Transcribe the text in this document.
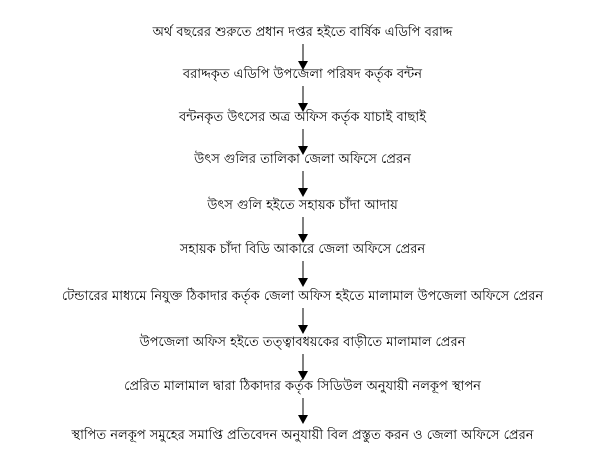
অর্থ বছরের শুরুতে প্রধান দপ্তর হইতে বার্ষিক এডিপি বরাদ্দ
বরাদ্দকৃত এডিপি উপজেলা পরিষদ কর্তৃক বন্টন
বন্টনকৃত উৎসের অত্র অফিস কর্তৃক যাচাই বাছাই
উৎস গুলির তালিকা জেলা অফিসে প্রেরন
উৎস গুলি হইতে সহায়ক চাঁদা আদায়
সহায়ক চাঁদা বিডি আকারে জেলা অফিসে প্রেরন
টেন্ডারের মাধ্যমে নিযুক্ত ঠিকাদার কর্তৃক জেলা অফিস হইতে মালামাল উপজেলা অফিসে প্রেরন
উপজেলা অফিস হইতে তত্ত্বাবধয়কের বাড়ীতে মালামাল প্রেরন
প্রেরিত মালামাল দ্বারা ঠিকাদার কর্তৃক সিডিউল অনুযায়ী নলকূপ স্থাপন
স্থাপিত নলকূপ সমুহের সমাপ্তি প্রতিবেদন অনুযায়ী বিল প্রস্তুত করন ও জেলা অফিসে প্রেরন
